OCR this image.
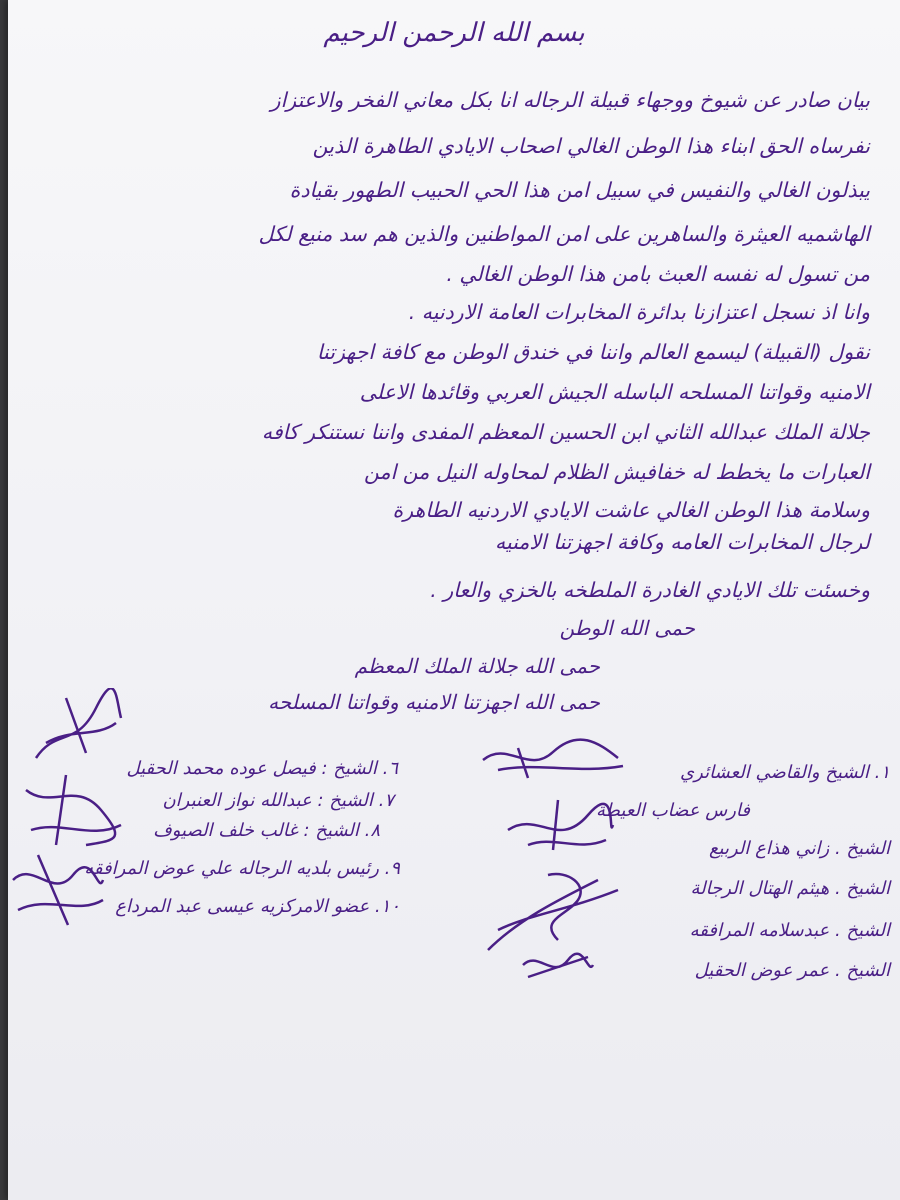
بسم الله الرحمن الرحيم
بيان صادر عن شيوخ ووجهاء قبيلة الرجاله انا بكل معاني الفخر والاعتزاز
نفرساه الحق ابناء هذا الوطن الغالي اصحاب الايادي الطاهرة الذين
يبذلون الغالي والنفيس في سبيل امن هذا الحي الحبيب الطهور بقيادة
الهاشميه العيثرة والساهرين على امن المواطنين والذين هم سد منيع لكل
من تسول له نفسه العبث بامن هذا الوطن الغالي .
وانا اذ نسجل اعتزازنا بدائرة المخابرات العامة الاردنيه .
نقول (القبيلة) ليسمع العالم واننا في خندق الوطن مع كافة اجهزتنا
الامنيه وقواتنا المسلحه الباسله الجيش العربي وقائدها الاعلى
جلالة الملك عبدالله الثاني ابن الحسين المعظم المفدى واننا نستنكر كافه
العبارات ما يخطط له خفافيش الظلام لمحاوله النيل من امن
وسلامة هذا الوطن الغالي عاشت الايادي الاردنيه الطاهرة
لرجال المخابرات العامه وكافة اجهزتنا الامنيه
وخسئت تلك الايادي الغادرة الملطخه بالخزي والعار .
حمى الله الوطن
حمى الله جلالة الملك المعظم
حمى الله اجهزتنا الامنيه وقواتنا المسلحه
١. الشيخ والقاضي العشائري
فارس عضاب العيطة
الشيخ . زاني هذاع الربيع
الشيخ . هيثم الهتال الرجالة
الشيخ . عبدسلامه المرافقه
الشيخ . عمر عوض الحقيل
٦. الشيخ : فيصل عوده محمد الحقيل
٧. الشيخ : عبدالله نواز العنبران
٨. الشيخ : غالب خلف الصيوف
٩. رئيس بلديه الرجاله علي عوض المرافقه
١٠. عضو الامركزيه عيسى عبد المرداع
